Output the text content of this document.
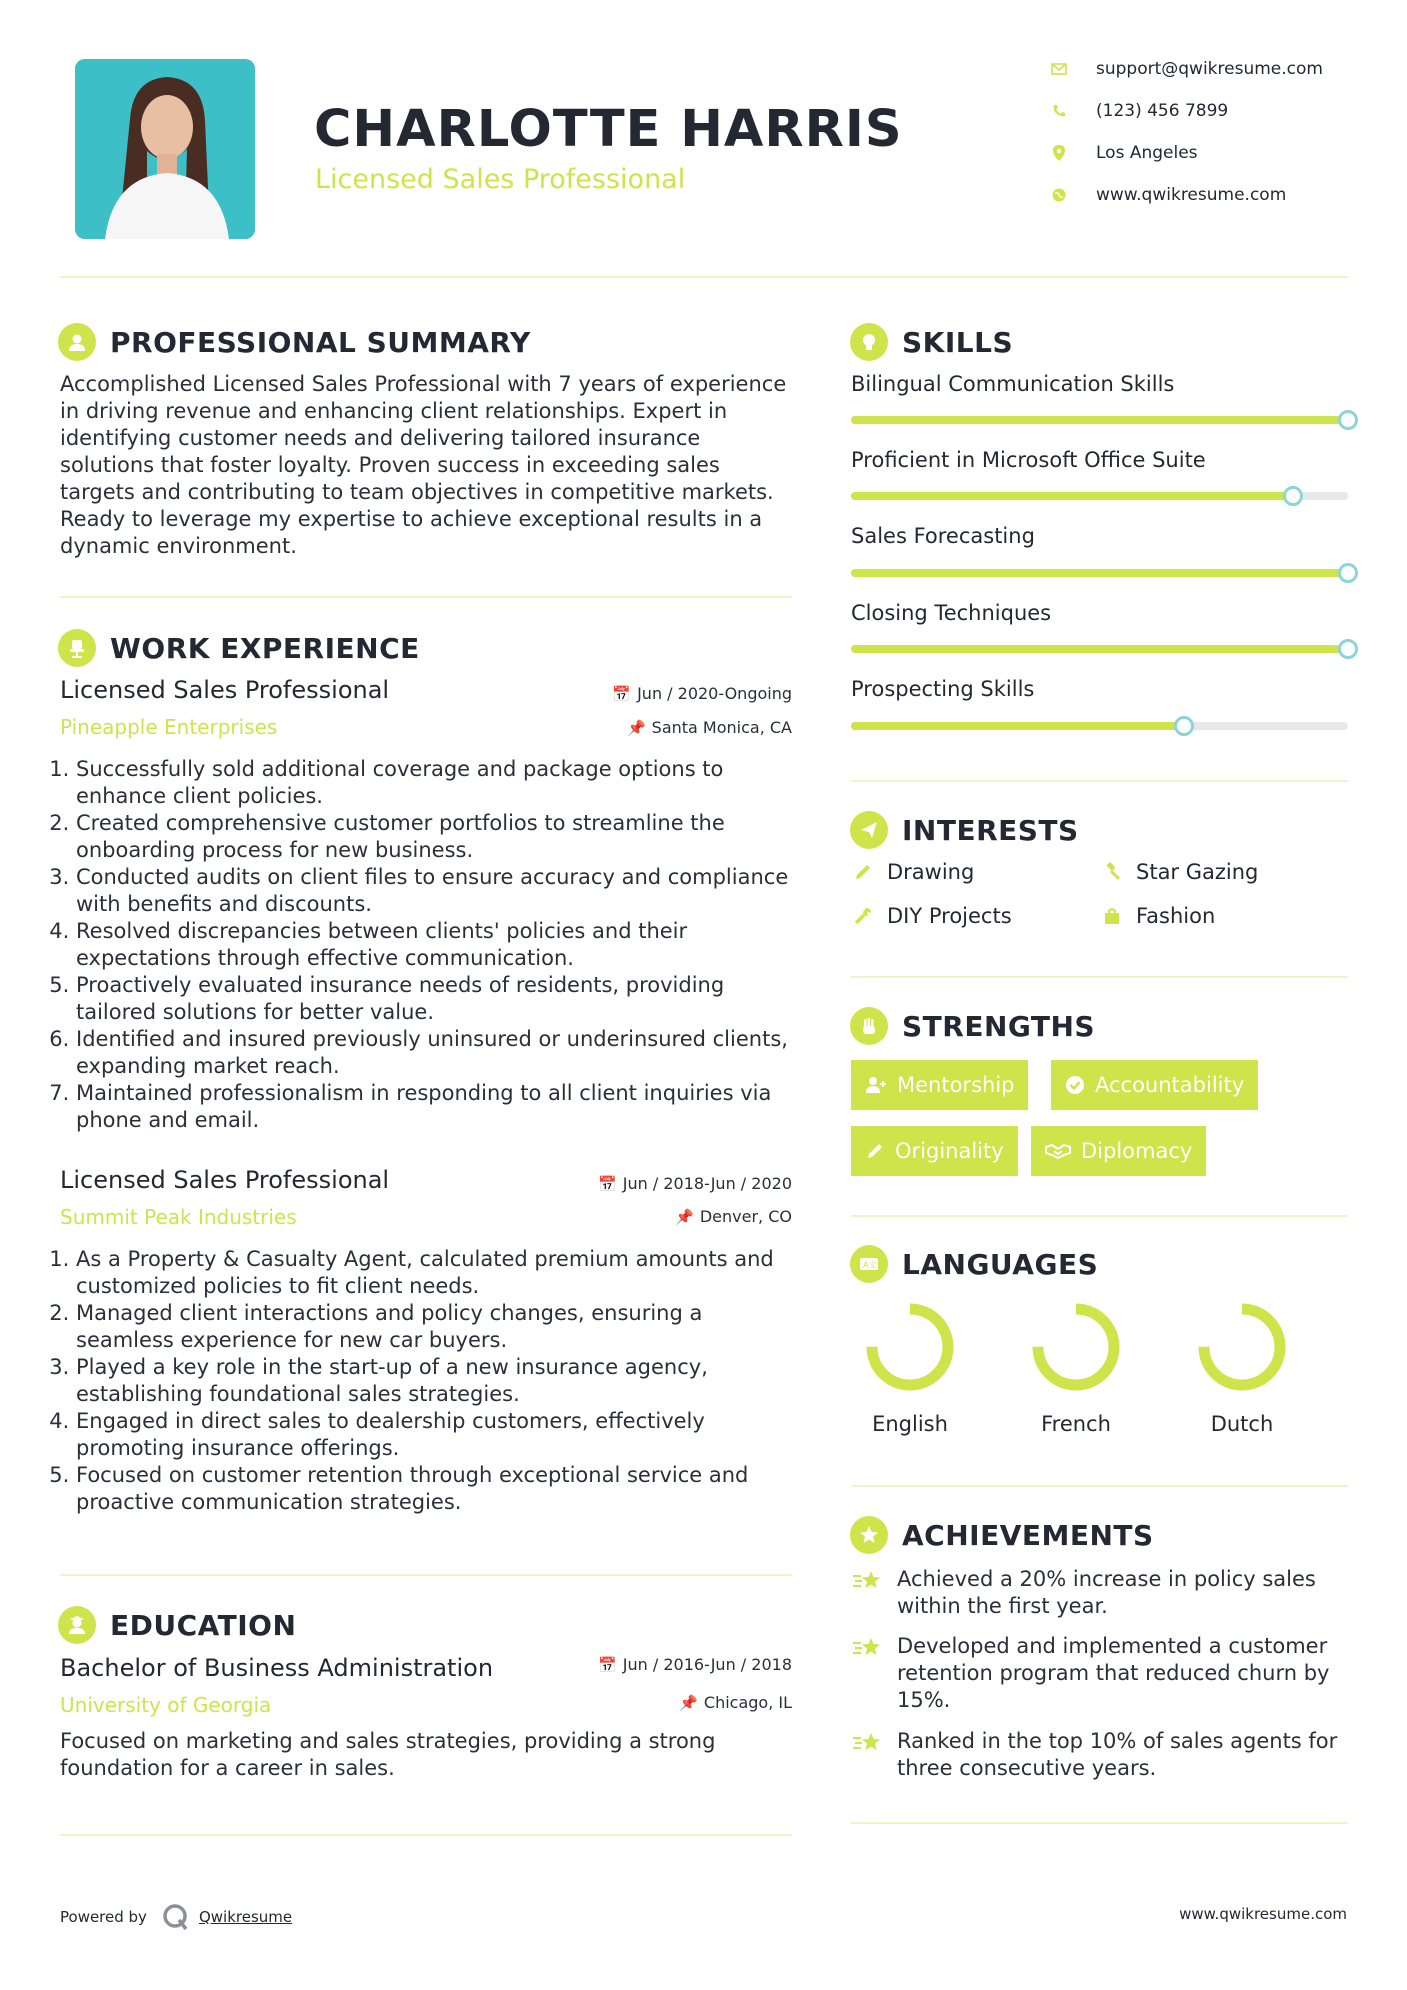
CHARLOTTE HARRIS
Licensed Sales Professional
support@qwikresume.com
(123) 456 7899
Los Angeles
www.qwikresume.com
PROFESSIONAL SUMMARY
Accomplished Licensed Sales Professional with 7 years of experience in driving revenue and enhancing client relationships. Expert in identifying customer needs and delivering tailored insurance solutions that foster loyalty. Proven success in exceeding sales targets and contributing to team objectives in competitive markets. Ready to leverage my expertise to achieve exceptional results in a dynamic environment.
WORK EXPERIENCE
Licensed Sales Professional	📅 Jun / 2020-Ongoing
Pineapple Enterprises	📌 Santa Monica, CA
1. Successfully sold additional coverage and package options to enhance client policies.
2. Created comprehensive customer portfolios to streamline the onboarding process for new business.
3. Conducted audits on client files to ensure accuracy and compliance with benefits and discounts.
4. Resolved discrepancies between clients' policies and their expectations through effective communication.
5. Proactively evaluated insurance needs of residents, providing tailored solutions for better value.
6. Identified and insured previously uninsured or underinsured clients, expanding market reach.
7. Maintained professionalism in responding to all client inquiries via phone and email.
Licensed Sales Professional	📅 Jun / 2018-Jun / 2020
Summit Peak Industries	📌 Denver, CO
1. As a Property & Casualty Agent, calculated premium amounts and customized policies to fit client needs.
2. Managed client interactions and policy changes, ensuring a seamless experience for new car buyers.
3. Played a key role in the start-up of a new insurance agency, establishing foundational sales strategies.
4. Engaged in direct sales to dealership customers, effectively promoting insurance offerings.
5. Focused on customer retention through exceptional service and proactive communication strategies.
EDUCATION
Bachelor of Business Administration	📅 Jun / 2016-Jun / 2018
University of Georgia	📌 Chicago, IL
Focused on marketing and sales strategies, providing a strong foundation for a career in sales.
SKILLS
Bilingual Communication Skills
Proficient in Microsoft Office Suite
Sales Forecasting
Closing Techniques
Prospecting Skills
INTERESTS
Drawing	Star Gazing
DIY Projects	Fashion
STRENGTHS
Mentorship	Accountability
Originality	Diplomacy
A文 LANGUAGES
English	French	Dutch
ACHIEVEMENTS
Achieved a 20% increase in policy sales within the first year.
Developed and implemented a customer retention program that reduced churn by 15%.
Ranked in the top 10% of sales agents for three consecutive years.
Powered by	Qwikresume	www.qwikresume.com
